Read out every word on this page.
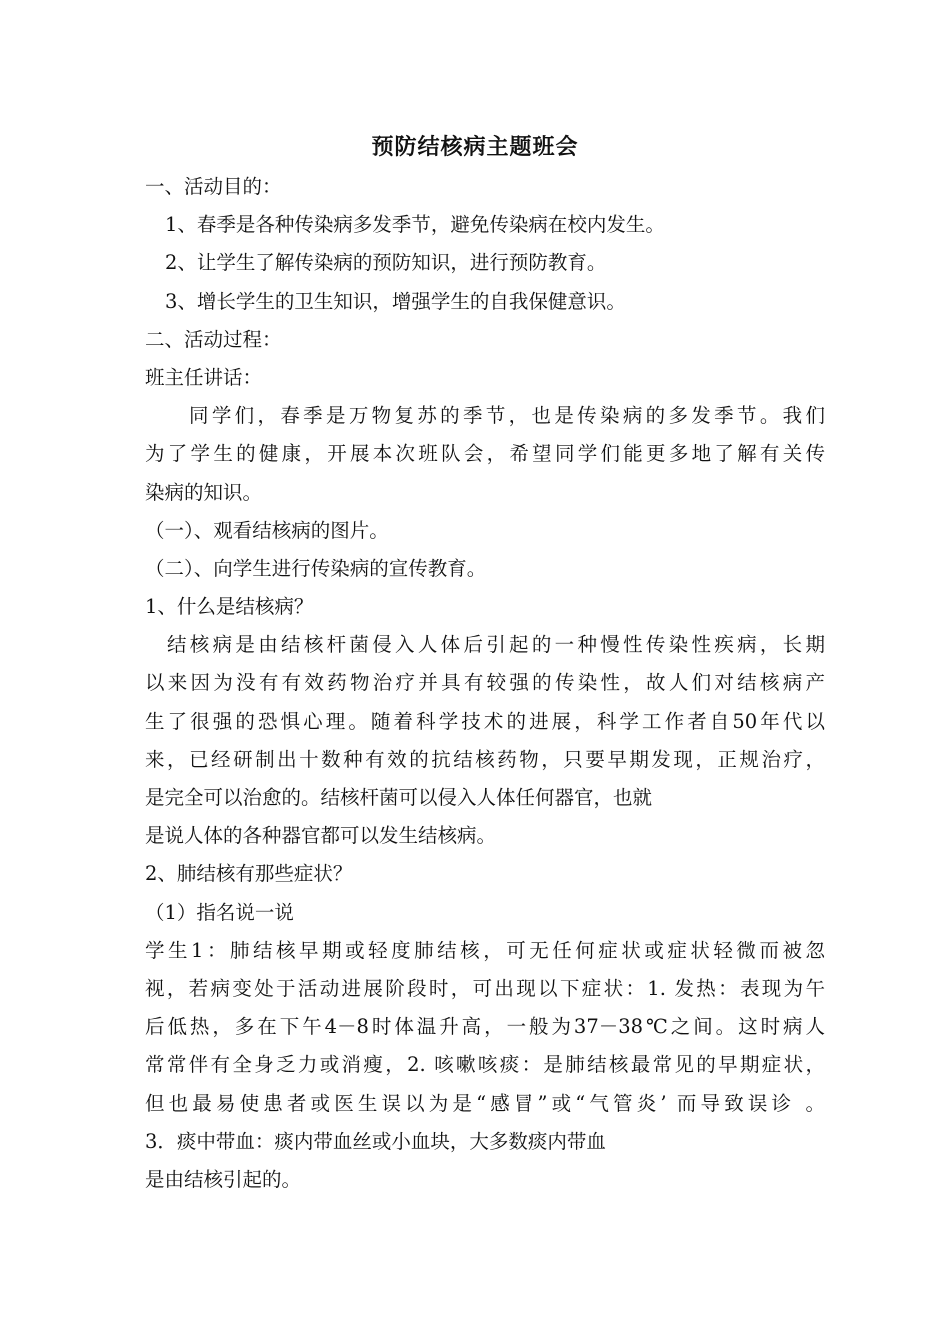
预防结核病主题班会
一、活动目的：
1、春季是各种传染病多发季节，避免传染病在校内发生。
2、让学生了解传染病的预防知识，进行预防教育。
3、增长学生的卫生知识，增强学生的自我保健意识。
二、活动过程：
班主任讲话：
同学们，春季是万物复苏的季节，也是传染病的多发季节。我们
为了学生的健康，开展本次班队会，希望同学们能更多地了解有关传
染病的知识。
（一）、观看结核病的图片。
（二）、向学生进行传染病的宣传教育。
1、什么是结核病？
结核病是由结核杆菌侵入人体后引起的一种慢性传染性疾病，长期
以来因为没有有效药物治疗并具有较强的传染性，故人们对结核病产
生了很强的恐惧心理。随着科学技术的进展，科学工作者自50年代以
来，已经研制出十数种有效的抗结核药物，只要早期发现，正规治疗，
是完全可以治愈的。结核杆菌可以侵入人体任何器官，也就
是说人体的各种器官都可以发生结核病。
2、肺结核有那些症状？
（1）指名说一说
学生1：肺结核早期或轻度肺结核，可无任何症状或症状轻微而被忽
视，若病变处于活动进展阶段时，可出现以下症状：1. 发热：表现为午
后低热，多在下午4－8时体温升高，一般为37－38℃之间。这时病人
常常伴有全身乏力或消瘦，2. 咳嗽咳痰：是肺结核最常见的早期症状，
但也最易使患者或医生误以为是“感冒”或“气管炎’ 而导致误诊 。
3．痰中带血：痰内带血丝或小血块，大多数痰内带血
是由结核引起的。
